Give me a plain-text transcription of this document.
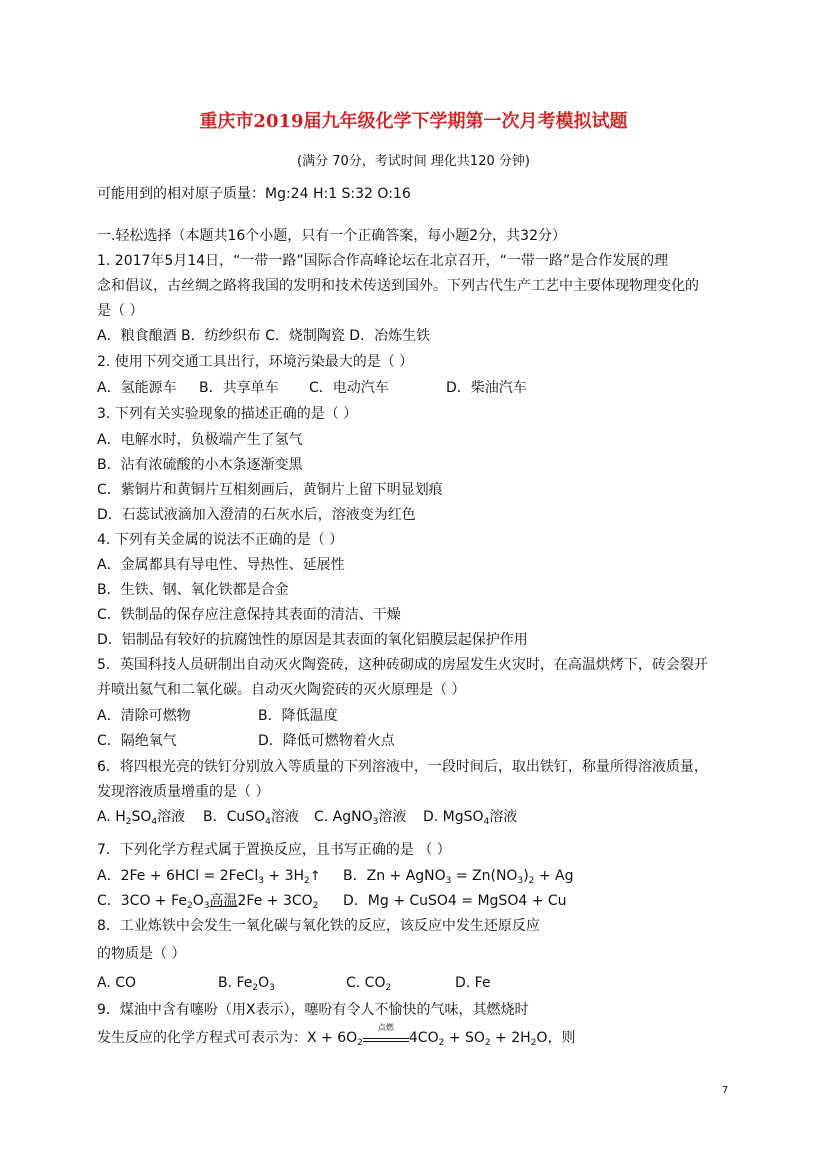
重庆市2019届九年级化学下学期第一次月考模拟试题
(满分 70分，考试时间 理化共120 分钟)
可能用到的相对原子质量：Mg:24 H:1 S:32 O:16
一.轻松选择（本题共16个小题，只有一个正确答案，每小题2分，共32分）
1. 2017年5月14日，“一带一路”国际合作高峰论坛在北京召开，“一带一路”是合作发展的理
念和倡议，古丝绸之路将我国的发明和技术传送到国外。下列古代生产工艺中主要体现物理变化的
是（ ）
A．粮食酿酒 B．纺纱织布 C．烧制陶瓷 D．冶炼生铁
2. 使用下列交通工具出行，环境污染最大的是（ ）
A．氢能源车 B．共享单车 C．电动汽车	D．柴油汽车
3. 下列有关实验现象的描述正确的是（ ）
A．电解水时，负极端产生了氢气
B．沾有浓硫酸的小木条逐渐变黑
C．紫铜片和黄铜片互相刻画后，黄铜片上留下明显划痕
D．石蕊试液滴加入澄清的石灰水后，溶液变为红色
4. 下列有关金属的说法不正确的是（ ）
A．金属都具有导电性、导热性、延展性
B．生铁、钢、氧化铁都是合金
C．铁制品的保存应注意保持其表面的清洁、干燥
D．铝制品有较好的抗腐蚀性的原因是其表面的氧化铝膜层起保护作用
5．英国科技人员研制出自动灭火陶瓷砖，这种砖砌成的房屋发生火灾时，在高温烘烤下，砖会裂开
并喷出氦气和二氧化碳。自动灭火陶瓷砖的灭火原理是（ ）
A．清除可燃物	B．降低温度
C．隔绝氧气	D．降低可燃物着火点
6．将四根光亮的铁钉分别放入等质量的下列溶液中，一段时间后，取出铁钉，称量所得溶液质量，
发现溶液质量增重的是（ ）
A. $H_2SO_4$溶液 B．CuSO$_4$溶液 C. AgNO$_3$溶液 D. MgSO$_4$溶液
7．下列化学方程式属于置换反应，且书写正确的是 （ ）
A．2Fe + 6HCl = 2FeCl$_3$ + $3H_2↑$ B．Zn + AgNO$_3$ = $Zn(NO_3)_2 + Ag$
C．$3CO + Fe_2O_3$高温$2Fe + 3CO_2$ D．Mg + CuSO4 = MgSO4 + Cu
8．工业炼铁中会发生一氧化碳与氧化铁的反应，该反应中发生还原反应
的物质是（ ）
A. CO	B. $Fe_2O_3$	C. $CO_2$	D. Fe
9．煤油中含有噻吩（用X表示），噻吩有令人不愉快的气味，其燃烧时
发生反应的化学方程式可表示为：$X + 6O_2$
点燃
$4CO_2 + SO_2 + 2H_2O$，则
7
